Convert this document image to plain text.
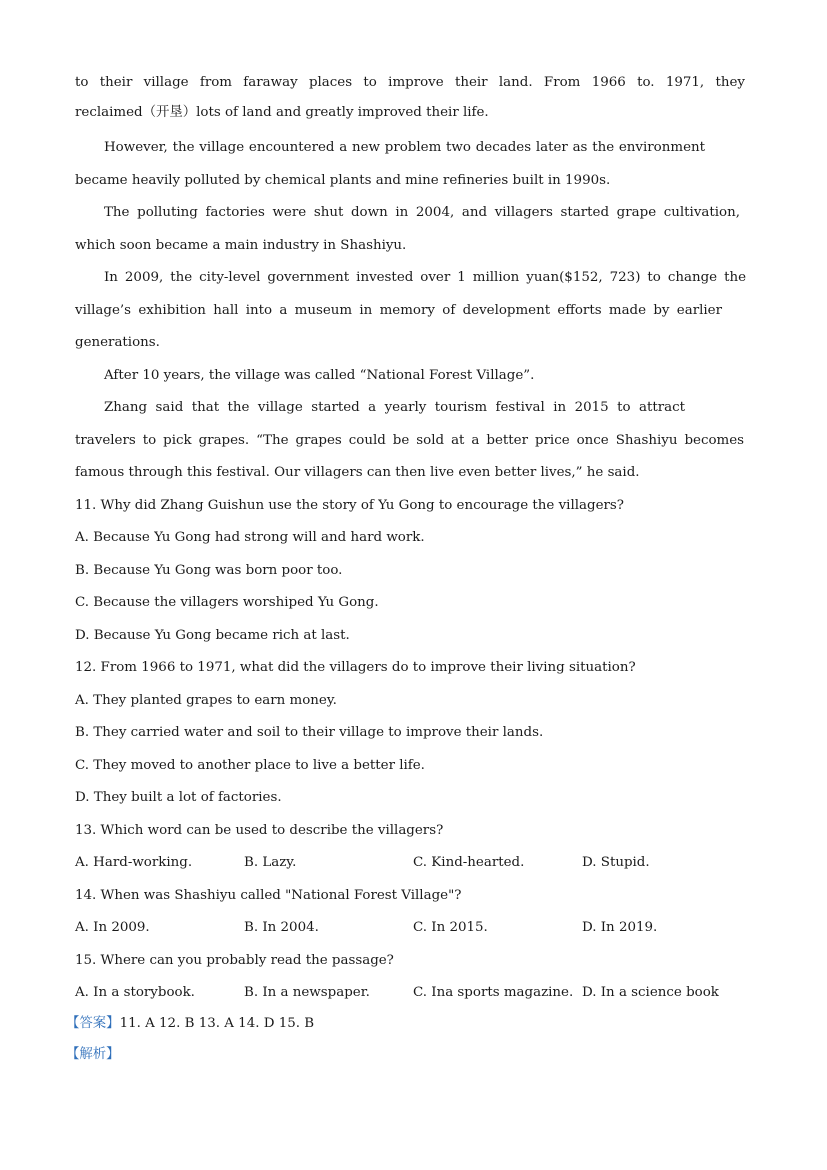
to their village from faraway places to improve their land. From 1966 to. 1971, they
reclaimed（开垦）lots of land and greatly improved their life.
However, the village encountered a new problem two decades later as the environment
became heavily polluted by chemical plants and mine refineries built in 1990s.
The polluting factories were shut down in 2004, and villagers started grape cultivation,
which soon became a main industry in Shashiyu.
In 2009, the city-level government invested over 1 million yuan($152, 723) to change the
village’s exhibition hall into a museum in memory of development efforts made by earlier
generations.
After 10 years, the village was called “National Forest Village”.
Zhang said that the village started a yearly tourism festival in 2015 to attract
travelers to pick grapes. “The grapes could be sold at a better price once Shashiyu becomes
famous through this festival. Our villagers can then live even better lives,” he said.
11. Why did Zhang Guishun use the story of Yu Gong to encourage the villagers?
A. Because Yu Gong had strong will and hard work.
B. Because Yu Gong was born poor too.
C. Because the villagers worshiped Yu Gong.
D. Because Yu Gong became rich at last.
12. From 1966 to 1971, what did the villagers do to improve their living situation?
A. They planted grapes to earn money.
B. They carried water and soil to their village to improve their lands.
C. They moved to another place to live a better life.
D. They built a lot of factories.
13. Which word can be used to describe the villagers?
A. Hard-working.	B. Lazy.	C. Kind-hearted.	D. Stupid.
14. When was Shashiyu called "National Forest Village"?
A. In 2009.	B. In 2004.	C. In 2015.	D. In 2019.
15. Where can you probably read the passage?
A. In a storybook.	B. In a newspaper.	C. Ina sports magazine. D. In a science book
【答案】11. A 12. B 13. A 14. D 15. B
【解析】
